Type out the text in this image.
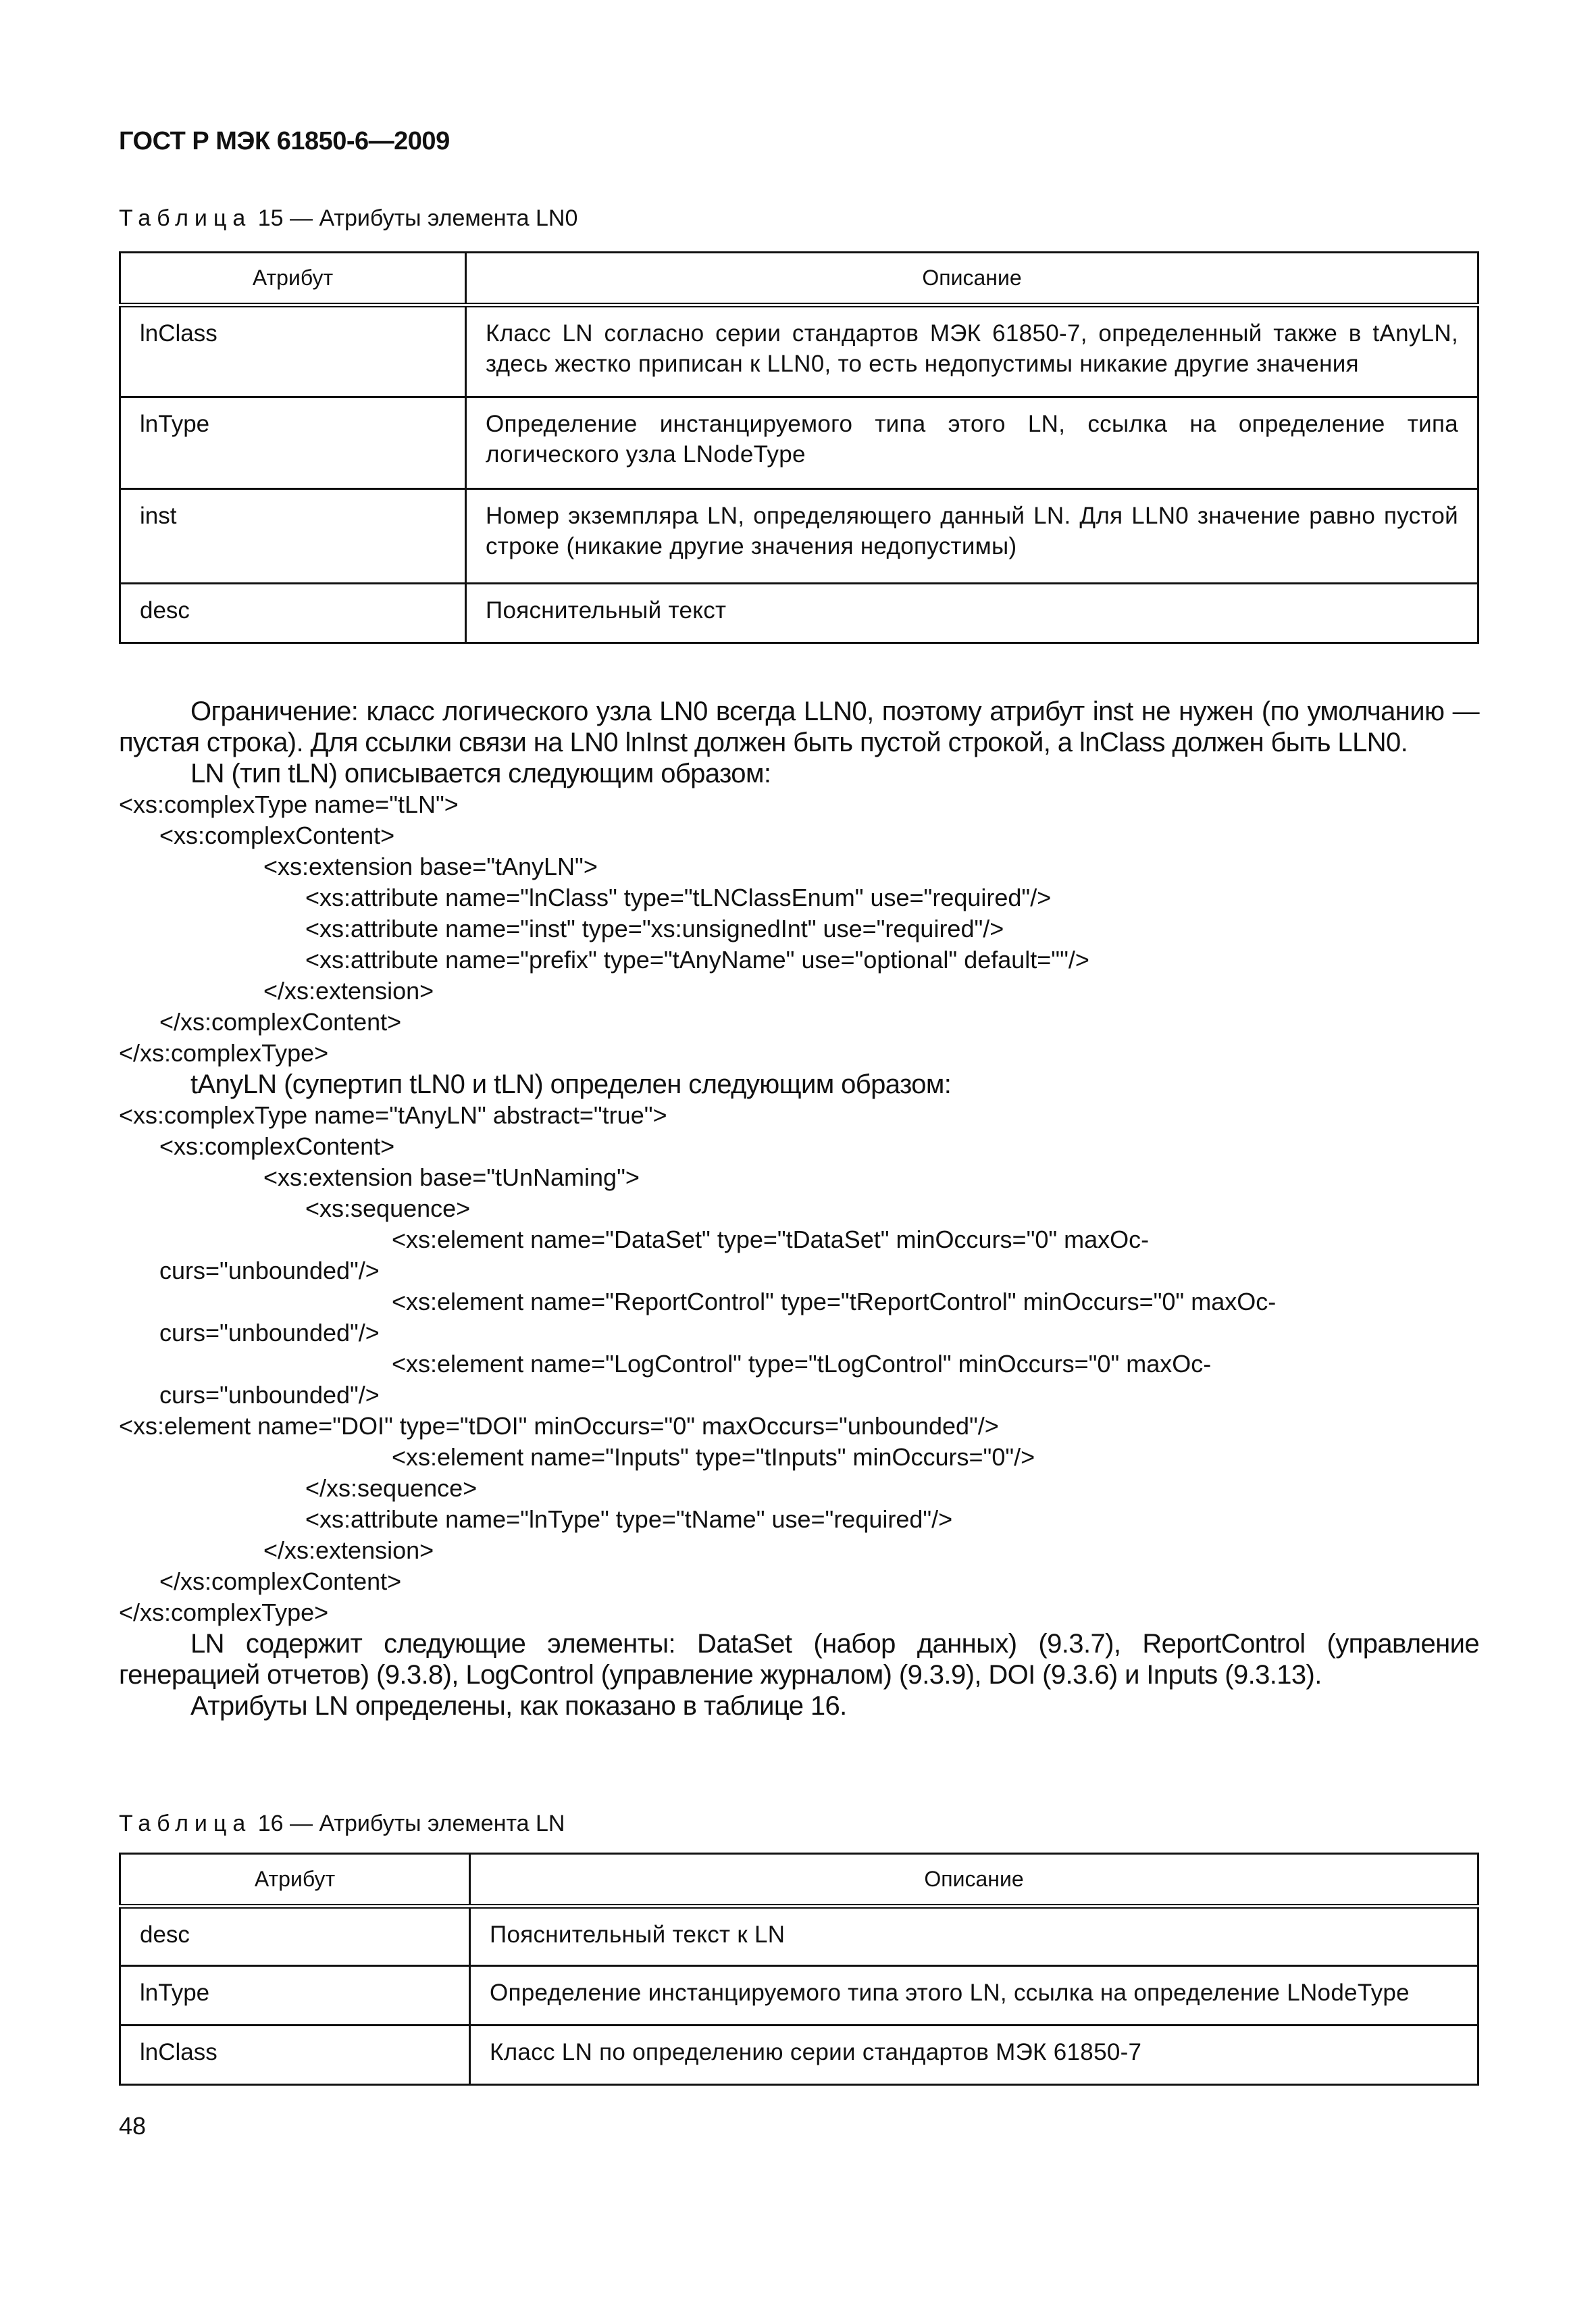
ГОСТ Р МЭК 61850-6—2009
Таблица 15 — Атрибуты элемента LN0
Атрибут	Описание
lnClass	Класс LN согласно серии стандартов МЭК 61850-7, определенный также в tAnyLN, здесь жестко приписан к LLN0, то есть недопустимы никакие другие значения
lnType	Определение инстанцируемого типа этого LN, ссылка на определение типа логического узла LNodeType
inst	Номер экземпляра LN, определяющего данный LN. Для LLN0 значение равно пустой строке (никакие другие значения недопустимы)
desc	Пояснительный текст

Ограничение: класс логического узла LN0 всегда LLN0, поэтому атрибут inst не нужен (по умолчанию — пустая строка). Для ссылки связи на LN0 lnInst должен быть пустой строкой, а lnClass должен быть LLN0.

LN (тип tLN) описывается следующим образом:

<xs:complexType name="tLN">

<xs:complexContent>

<xs:extension base="tAnyLN">

<xs:attribute name="lnClass" type="tLNClassEnum" use="required"/>

<xs:attribute name="inst" type="xs:unsignedInt" use="required"/>

<xs:attribute name="prefix" type="tAnyName" use="optional" default=""/>

</xs:extension>

</xs:complexContent>

</xs:complexType>

tAnyLN (супертип tLN0 и tLN) определен следующим образом:

<xs:complexType name="tAnyLN" abstract="true">

<xs:complexContent>

<xs:extension base="tUnNaming">

<xs:sequence>

<xs:element name="DataSet" type="tDataSet" minOccurs="0" maxOc-

curs="unbounded"/>

<xs:element name="ReportControl" type="tReportControl" minOccurs="0" maxOc-

curs="unbounded"/>

<xs:element name="LogControl" type="tLogControl" minOccurs="0" maxOc-

curs="unbounded"/>

<xs:element name="DOI" type="tDOI" minOccurs="0" maxOccurs="unbounded"/>

<xs:element name="Inputs" type="tInputs" minOccurs="0"/>

</xs:sequence>

<xs:attribute name="lnType" type="tName" use="required"/>

</xs:extension>

</xs:complexContent>

</xs:complexType>

LN содержит следующие элементы: DataSet (набор данных) (9.3.7), ReportControl (управление генерацией отчетов) (9.3.8), LogControl (управление журналом) (9.3.9), DOI (9.3.6) и Inputs (9.3.13).

Атрибуты LN определены, как показано в таблице 16.

Таблица 16 — Атрибуты элемента LN
Атрибут	Описание
desc	Пояснительный текст к LN
lnType	Определение инстанцируемого типа этого LN, ссылка на определение LNodeType
lnClass	Класс LN по определению серии стандартов МЭК 61850-7
48
